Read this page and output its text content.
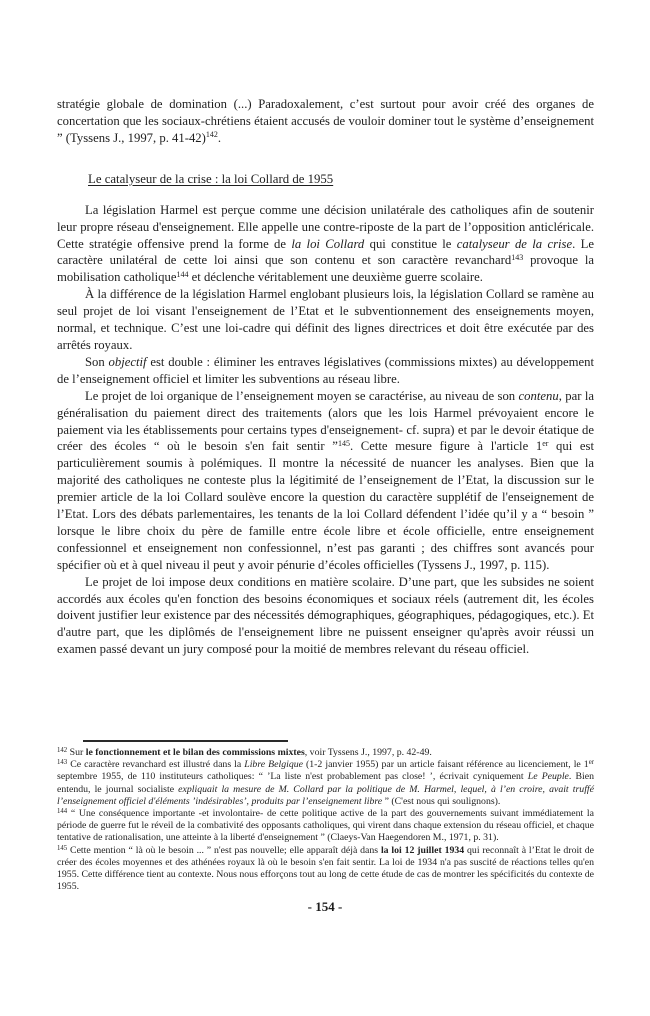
stratégie globale de domination (...) Paradoxalement, c’est surtout pour avoir créé des organes de concertation que les sociaux-chrétiens étaient accusés de vouloir dominer tout le système d’enseignement ” (Tyssens J., 1997, p. 41-42)$^{142}$.

Le catalyseur de la crise : la loi Collard de 1955

La législation Harmel est perçue comme une décision unilatérale des catholiques afin de soutenir leur propre réseau d'enseignement. Elle appelle une contre-riposte de la part de l’opposition anticléricale. Cette stratégie offensive prend la forme de la loi Collard qui constitue le catalyseur de la crise. Le caractère unilatéral de cette loi ainsi que son contenu et son caractère revanchard$^{143}$ provoque la mobilisation catholique$^{144}$ et déclenche véritablement une deuxième guerre scolaire.

À la différence de la législation Harmel englobant plusieurs lois, la législation Collard se ramène au seul projet de loi visant l'enseignement de l’Etat et le subventionnement des enseignements moyen, normal, et technique. C’est une loi-cadre qui définit des lignes directrices et doit être exécutée par des arrêtés royaux.

Son objectif est double : éliminer les entraves législatives (commissions mixtes) au développement de l’enseignement officiel et limiter les subventions au réseau libre.

Le projet de loi organique de l’enseignement moyen se caractérise, au niveau de son contenu, par la généralisation du paiement direct des traitements (alors que les lois Harmel prévoyaient encore le paiement via les établissements pour certains types d'enseignement- cf. supra) et par le devoir étatique de créer des écoles “ où le besoin s'en fait sentir ”$^{145}$. Cette mesure figure à l'article 1er qui est particulièrement soumis à polémiques. Il montre la nécessité de nuancer les analyses. Bien que la majorité des catholiques ne conteste plus la légitimité de l’enseignement de l’Etat, la discussion sur le premier article de la loi Collard soulève encore la question du caractère supplétif de l'enseignement de l’Etat. Lors des débats parlementaires, les tenants de la loi Collard défendent l’idée qu’il y a “ besoin ” lorsque le libre choix du père de famille entre école libre et école officielle, entre enseignement confessionnel et enseignement non confessionnel, n’est pas garanti ; des chiffres sont avancés pour spécifier où et à quel niveau il peut y avoir pénurie d’écoles officielles (Tyssens J., 1997, p. 115).

Le projet de loi impose deux conditions en matière scolaire. D’une part, que les subsides ne soient accordés aux écoles qu'en fonction des besoins économiques et sociaux réels (autrement dit, les écoles doivent justifier leur existence par des nécessités démographiques, géographiques, pédagogiques, etc.). Et d'autre part, que les diplômés de l'enseignement libre ne puissent enseigner qu'après avoir réussi un examen passé devant un jury composé pour la moitié de membres relevant du réseau officiel.

$^{142}$ Sur le fonctionnement et le bilan des commissions mixtes, voir Tyssens J., 1997, p. 42-49.

$^{143}$ Ce caractère revanchard est illustré dans la Libre Belgique (1-2 janvier 1955) par un article faisant référence au licenciement, le 1er septembre 1955, de 110 instituteurs catholiques: “ ’La liste n'est probablement pas close! ’, écrivait cyniquement Le Peuple. Bien entendu, le journal socialiste expliquait la mesure de M. Collard par la politique de M. Harmel, lequel, à l’en croire, avait truffé l’enseignement officiel d'éléments ’indésirables’, produits par l’enseignement libre ” (C'est nous qui soulignons).

$^{144}$ “ Une conséquence importante -et involontaire- de cette politique active de la part des gouvernements suivant immédiatement la période de guerre fut le réveil de la combativité des opposants catholiques, qui virent dans chaque extension du réseau officiel, et chaque tentative de rationalisation, une atteinte à la liberté d'enseignement ” (Claeys-Van Haegendoren M., 1971, p. 31).

$^{145}$ Cette mention “ là où le besoin ... ” n'est pas nouvelle; elle apparaît déjà dans la loi 12 juillet 1934 qui reconnaît à l’Etat le droit de créer des écoles moyennes et des athénées royaux là où le besoin s'en fait sentir. La loi de 1934 n'a pas suscité de réactions telles qu'en 1955. Cette différence tient au contexte. Nous nous efforçons tout au long de cette étude de cas de montrer les spécificités du contexte de 1955.

- 154 -
